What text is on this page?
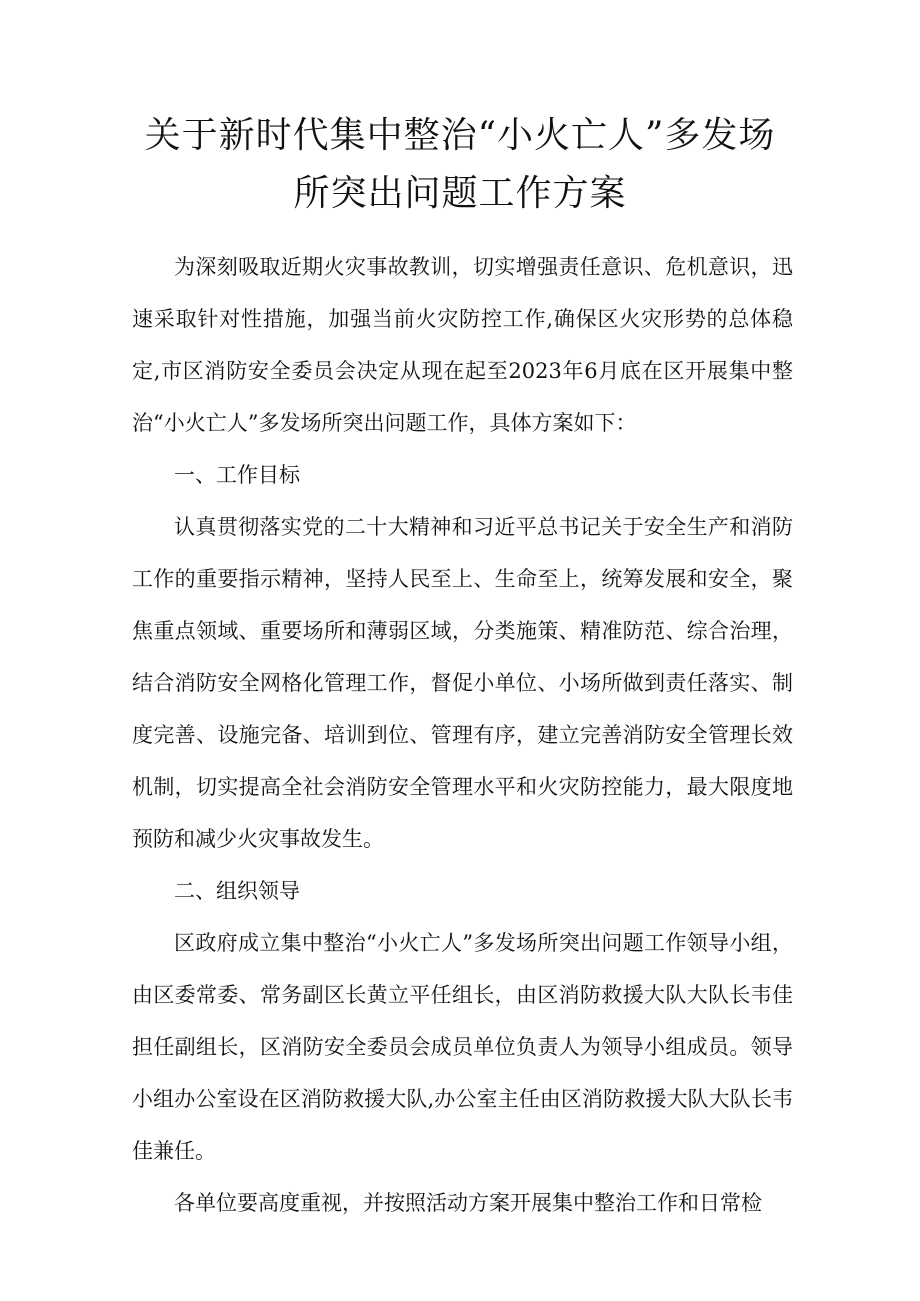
关于新时代集中整治“小火亡人”多发场
所突出问题工作方案

为深刻吸取近期火灾事故教训，切实增强责任意识、危机意识，迅速采取针对性措施，加强当前火灾防控工作,确保区火灾形势的总体稳定,市区消防安全委员会决定从现在起至2023年6月底在区开展集中整治“小火亡人”多发场所突出问题工作，具体方案如下：

一、工作目标

认真贯彻落实党的二十大精神和习近平总书记关于安全生产和消防工作的重要指示精神，坚持人民至上、生命至上，统筹发展和安全，聚焦重点领域、重要场所和薄弱区域，分类施策、精准防范、综合治理，结合消防安全网格化管理工作，督促小单位、小场所做到责任落实、制度完善、设施完备、培训到位、管理有序，建立完善消防安全管理长效机制，切实提高全社会消防安全管理水平和火灾防控能力，最大限度地预防和减少火灾事故发生。

二、组织领导

区政府成立集中整治“小火亡人”多发场所突出问题工作领导小组，由区委常委、常务副区长黄立平任组长，由区消防救援大队大队长韦佳担任副组长，区消防安全委员会成员单位负责人为领导小组成员。领导小组办公室设在区消防救援大队,办公室主任由区消防救援大队大队长韦佳兼任。

各单位要高度重视，并按照活动方案开展集中整治工作和日常检
